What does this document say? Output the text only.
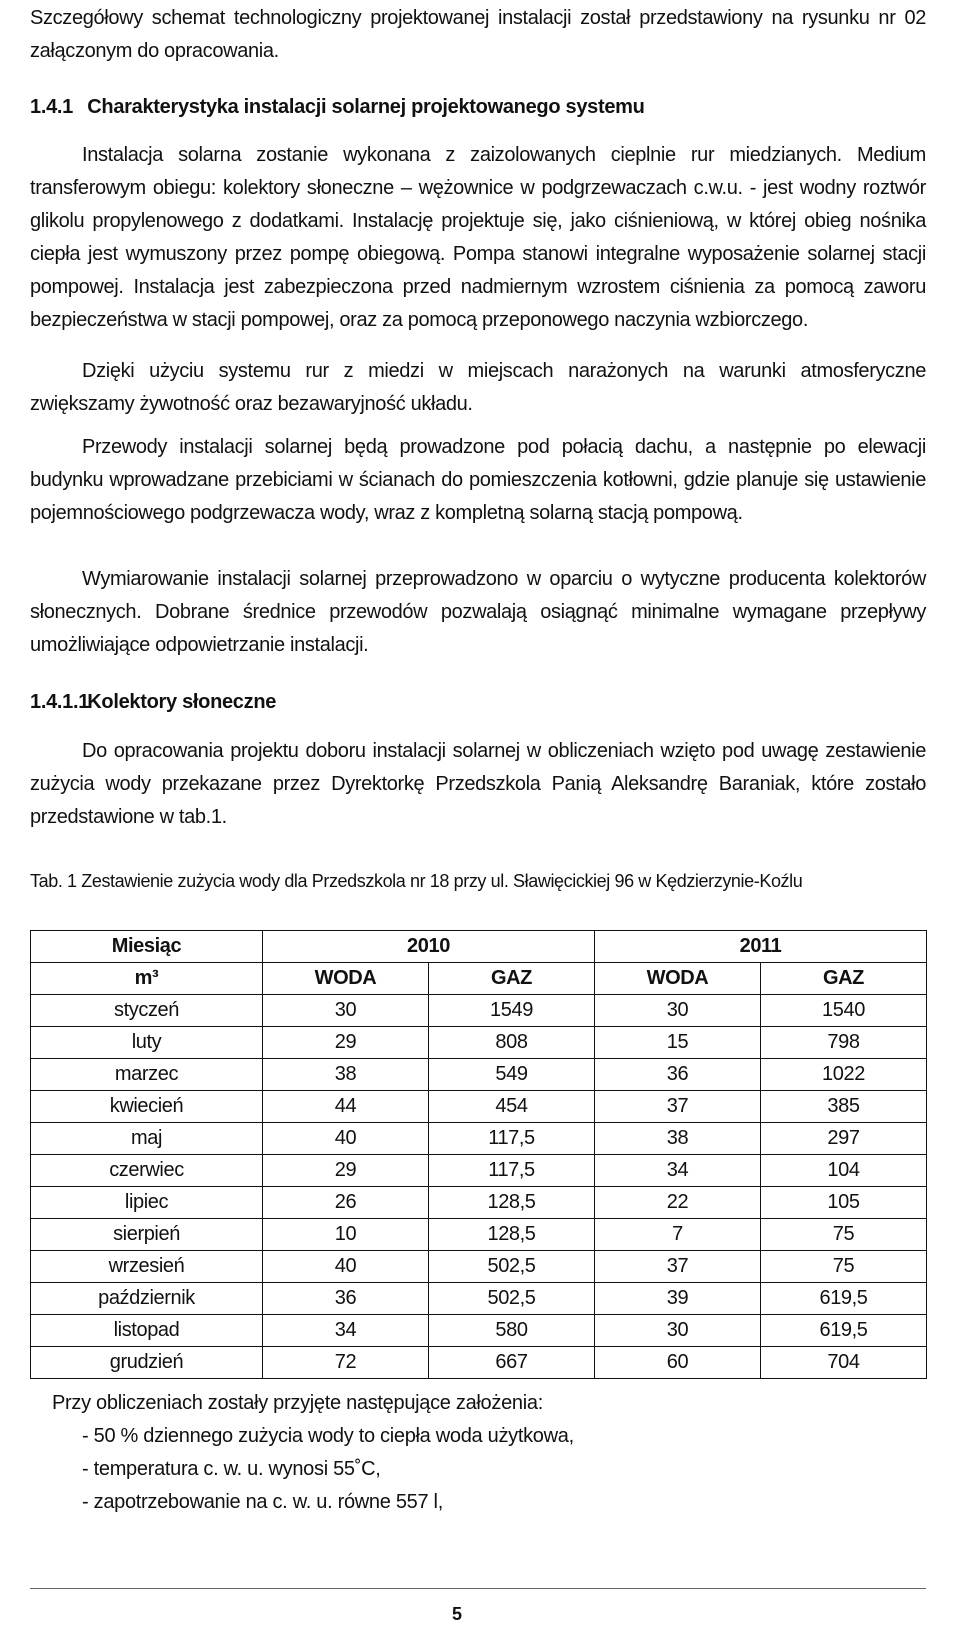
Szczegółowy schemat technologiczny projektowanej instalacji został przedstawiony na rysunku nr 02 załączonym do opracowania.
1.4.1 Charakterystyka instalacji solarnej projektowanego systemu
Instalacja solarna zostanie wykonana z zaizolowanych cieplnie rur miedzianych. Medium transferowym obiegu: kolektory słoneczne – wężownice w podgrzewaczach c.w.u. - jest wodny roztwór glikolu propylenowego z dodatkami. Instalację projektuje się, jako ciśnieniową, w której obieg nośnika ciepła jest wymuszony przez pompę obiegową. Pompa stanowi integralne wyposażenie solarnej stacji pompowej. Instalacja jest zabezpieczona przed nadmiernym wzrostem ciśnienia za pomocą zaworu bezpieczeństwa w stacji pompowej, oraz za pomocą przeponowego naczynia wzbiorczego.
Dzięki użyciu systemu rur z miedzi w miejscach narażonych na warunki atmosferyczne zwiększamy żywotność oraz bezawaryjność układu.
Przewody instalacji solarnej będą prowadzone pod połacią dachu, a następnie po elewacji budynku wprowadzane przebiciami w ścianach do pomieszczenia kotłowni, gdzie planuje się ustawienie pojemnościowego podgrzewacza wody, wraz z kompletną solarną stacją pompową.
Wymiarowanie instalacji solarnej przeprowadzono w oparciu o wytyczne producenta kolektorów słonecznych. Dobrane średnice przewodów pozwalają osiągnąć minimalne wymagane przepływy umożliwiające odpowietrzanie instalacji.
1.4.1.1 Kolektory słoneczne
Do opracowania projektu doboru instalacji solarnej w obliczeniach wzięto pod uwagę zestawienie zużycia wody przekazane przez Dyrektorkę Przedszkola Panią Aleksandrę Baraniak, które zostało przedstawione w tab.1.
Tab. 1 Zestawienie zużycia wody dla Przedszkola nr 18 przy ul. Sławięcickiej 96 w Kędzierzynie-Koźlu
Miesiąc	2010		2011	
m³	WODA	GAZ	WODA	GAZ
styczeń	30	1549	30	1540
luty	29	808	15	798
marzec	38	549	36	1022
kwiecień	44	454	37	385
maj	40	117,5	38	297
czerwiec	29	117,5	34	104
lipiec	26	128,5	22	105
sierpień	10	128,5	7	75
wrzesień	40	502,5	37	75
październik	36	502,5	39	619,5
listopad	34	580	30	619,5
grudzień	72	667	60	704
Przy obliczeniach zostały przyjęte następujące założenia:
- 50 % dziennego zużycia wody to ciepła woda użytkowa,
- temperatura c. w. u. wynosi 55˚C,
- zapotrzebowanie na c. w. u. równe 557 l,
5
